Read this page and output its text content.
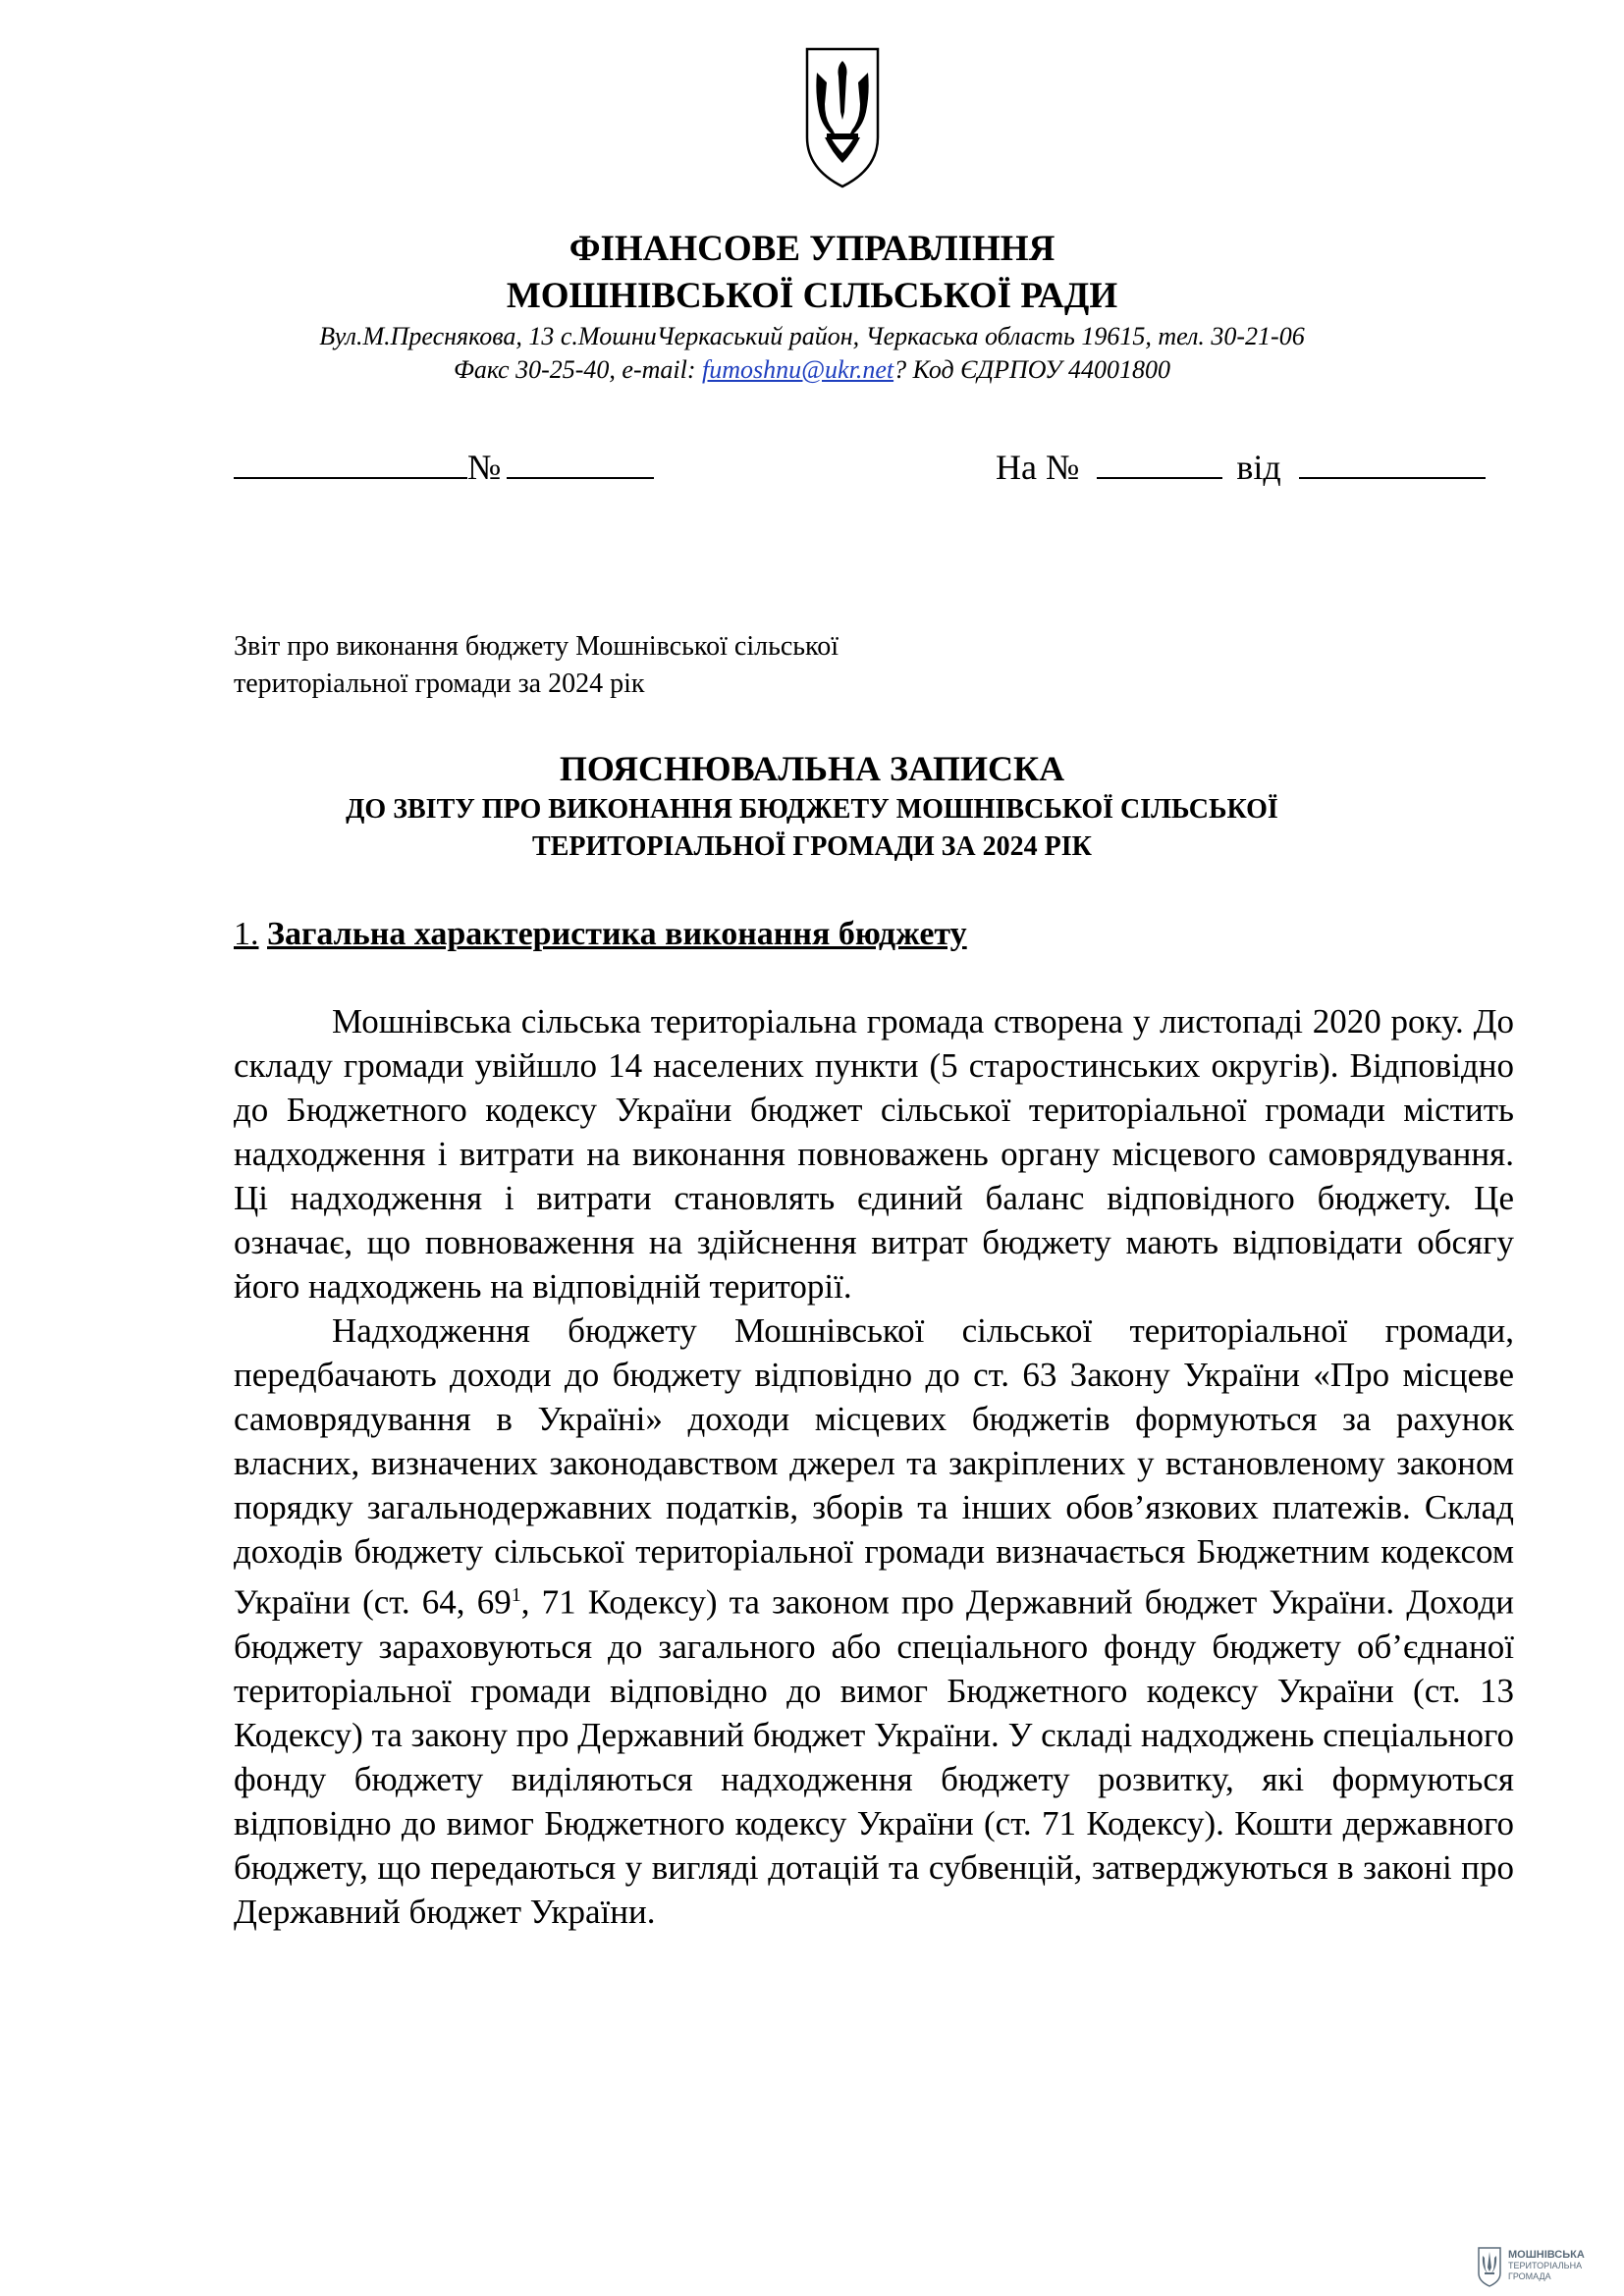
ФІНАНСОВЕ УПРАВЛІННЯ
МОШНІВСЬКОЇ СІЛЬСЬКОЇ РАДИ
Вул.М.Преснякова, 13 с.МошниЧеркаський район, Черкаська область 19615, тел. 30-21-06
Факс 30-25-40, e-mail: fumoshnu@ukr.net? Код ЄДРПОУ 44001800
№	На №	від
Звіт про виконання бюджету Мошнівської сільської
територіальної громади за 2024 рік
ПОЯСНЮВАЛЬНА ЗАПИСКА
ДО ЗВІТУ ПРО ВИКОНАННЯ БЮДЖЕТУ МОШНІВСЬКОЇ СІЛЬСЬКОЇ
ТЕРИТОРІАЛЬНОЇ ГРОМАДИ ЗА 2024 РІК
1. Загальна характеристика виконання бюджету

Мошнівська сільська територіальна громада створена у листопаді 2020 року. До складу громади увійшло 14 населених пункти (5 старостинських округів). Відповідно до Бюджетного кодексу України бюджет сільської територіальної громади містить надходження і витрати на виконання повноважень органу місцевого самоврядування. Ці надходження і витрати становлять єдиний баланс відповідного бюджету. Це означає, що повноваження на здійснення витрат бюджету мають відповідати обсягу його надходжень на відповідній території.

Надходження бюджету Мошнівської сільської територіальної громади, передбачають доходи до бюджету відповідно до ст. 63 Закону України «Про місцеве самоврядування в Україні» доходи місцевих бюджетів формуються за рахунок власних, визначених законодавством джерел та закріплених у встановленому законом порядку загальнодержавних податків, зборів та інших обов’язкових платежів. Склад доходів бюджету сільської територіальної громади визначається Бюджетним кодексом України (ст. 64, $69^1$, 71 Кодексу) та законом про Державний бюджет України. Доходи бюджету зараховуються до загального або спеціального фонду бюджету об’єднаної територіальної громади відповідно до вимог Бюджетного кодексу України (ст. 13 Кодексу) та закону про Державний бюджет України. У складі надходжень спеціального фонду бюджету виділяються надходження бюджету розвитку, які формуються відповідно до вимог Бюджетного кодексу України (ст. 71 Кодексу). Кошти державного бюджету, що передаються у вигляді дотацій та субвенцій, затверджуються в законі про Державний бюджет України.

МОШНІВСЬКА
ТЕРИТОРІАЛЬНА
ГРОМАДА
